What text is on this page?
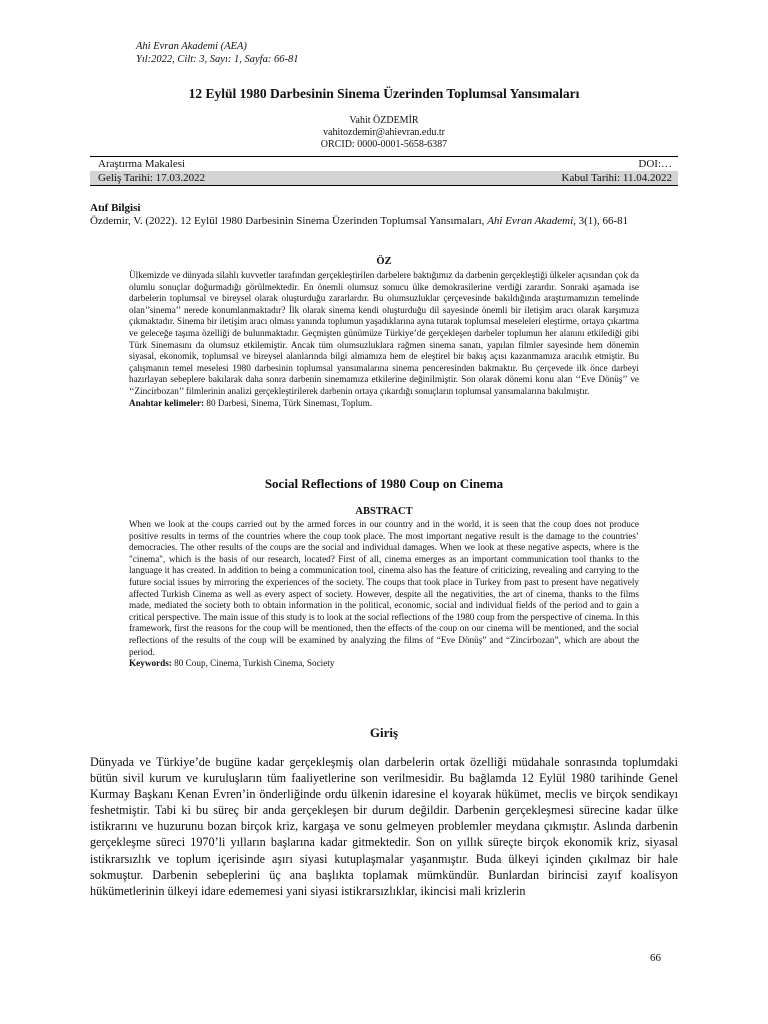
Ahi Evran Akademi (AEA)
Yıl:2022, Cilt: 3, Sayı: 1, Sayfa: 66-81
12 Eylül 1980 Darbesinin Sinema Üzerinden Toplumsal Yansımaları
Vahit ÖZDEMİR
vahitozdemir@ahievran.edu.tr
ORCID: 0000-0001-5658-6387
Araştırma Makalesi	DOI:…
Geliş Tarihi: 17.03.2022	Kabul Tarihi: 11.04.2022
Atıf Bilgisi
Özdemir, V. (2022). 12 Eylül 1980 Darbesinin Sinema Üzerinden Toplumsal Yansımaları, Ahi Evran Akademi, 3(1), 66-81
ÖZ

Ülkemizde ve dünyada silahlı kuvvetler tarafından gerçekleştirilen darbelere baktığımız da darbenin gerçekleştiği ülkeler açısından çok da olumlu sonuçlar doğurmadığı görülmektedir. En önemli olumsuz sonucu ülke demokrasilerine verdiği zarardır. Sonraki aşamada ise darbelerin toplumsal ve bireysel olarak oluşturduğu zararlardır. Bu olumsuzluklar çerçevesinde bakıldığında araştırmamızın temelinde olan’’sinema’’ nerede konumlanmaktadır? İlk olarak sinema kendi oluşturduğu dil sayesinde önemli bir iletişim aracı olarak karşımıza çıkmaktadır. Sinema bir iletişim aracı olması yanında toplumun yaşadıklarına ayna tutarak toplumsal meseleleri eleştirme, ortaya çıkartma ve geleceğe taşıma özelliği de bulunmaktadır. Geçmişten günümüze Türkiye’de gerçekleşen darbeler toplumun her alanını etkilediği gibi Türk Sinemasını da olumsuz etkilemiştir. Ancak tüm olumsuzluklara rağmen sinema sanatı, yapılan filmler sayesinde hem dönemin siyasal, ekonomik, toplumsal ve bireysel alanlarında bilgi almamıza hem de eleştirel bir bakış açısı kazanmamıza aracılık etmiştir. Bu çalışmanın temel meselesi 1980 darbesinin toplumsal yansımalarına sinema penceresinden bakmaktır. Bu çerçevede ilk önce darbeyi hazırlayan sebeplere bakılarak daha sonra darbenin sinemamıza etkilerine değinilmiştir. Son olarak dönemi konu alan ‘‘Eve Dönüş’’ ve ‘‘Zincirbozan’’ filmlerinin analizi gerçekleştirilerek darbenin ortaya çıkardığı sonuçların toplumsal yansımalarına bakılmıştır.
Anahtar kelimeler: 80 Darbesi, Sinema, Türk Sineması, Toplum.

Social Reflections of 1980 Coup on Cinema
ABSTRACT

When we look at the coups carried out by the armed forces in our country and in the world, it is seen that the coup does not produce positive results in terms of the countries where the coup took place. The most important negative result is the damage to the countries’ democracies. The other results of the coups are the social and individual damages. When we look at these negative aspects, where is the "cinema", which is the basis of our research, located? First of all, cinema emerges as an important communication tool thanks to the language it has created. In addition to being a communication tool, cinema also has the feature of criticizing, revealing and carrying to the future social issues by mirroring the experiences of the society. The coups that took place in Turkey from past to present have negatively affected Turkish Cinema as well as every aspect of society. However, despite all the negativities, the art of cinema, thanks to the films made, mediated the society both to obtain information in the political, economic, social and individual fields of the period and to gain a critical perspective. The main issue of this study is to look at the social reflections of the 1980 coup from the perspective of cinema. In this framework, first the reasons for the coup will be mentioned, then the effects of the coup on our cinema will be mentioned, and the social reflections of the results of the coup will be examined by analyzing the films of “Eve Dönüş” and “Zincirbozan”, which are about the period.
Keywords: 80 Coup, Cinema, Turkish Cinema, Society

Giriş

Dünyada ve Türkiye’de bugüne kadar gerçekleşmiş olan darbelerin ortak özelliği müdahale sonrasında toplumdaki bütün sivil kurum ve kuruluşların tüm faaliyetlerine son verilmesidir. Bu bağlamda 12 Eylül 1980 tarihinde Genel Kurmay Başkanı Kenan Evren’in önderliğinde ordu ülkenin idaresine el koyarak hükümet, meclis ve birçok sendikayı feshetmiştir. Tabi ki bu süreç bir anda gerçekleşen bir durum değildir. Darbenin gerçekleşmesi sürecine kadar ülke istikrarını ve huzurunu bozan birçok kriz, kargaşa ve sonu gelmeyen problemler meydana çıkmıştır. Aslında darbenin gerçekleşme süreci 1970’li yılların başlarına kadar gitmektedir. Son on yıllık süreçte birçok ekonomik kriz, siyasal istikrarsızlık ve toplum içerisinde aşırı siyasi kutuplaşmalar yaşanmıştır. Buda ülkeyi içinden çıkılmaz bir hale sokmuştur. Darbenin sebeplerini üç ana başlıkta toplamak mümkündür. Bunlardan birincisi zayıf koalisyon hükümetlerinin ülkeyi idare edememesi yani siyasi istikrarsızlıklar, ikincisi mali krizlerin

66
